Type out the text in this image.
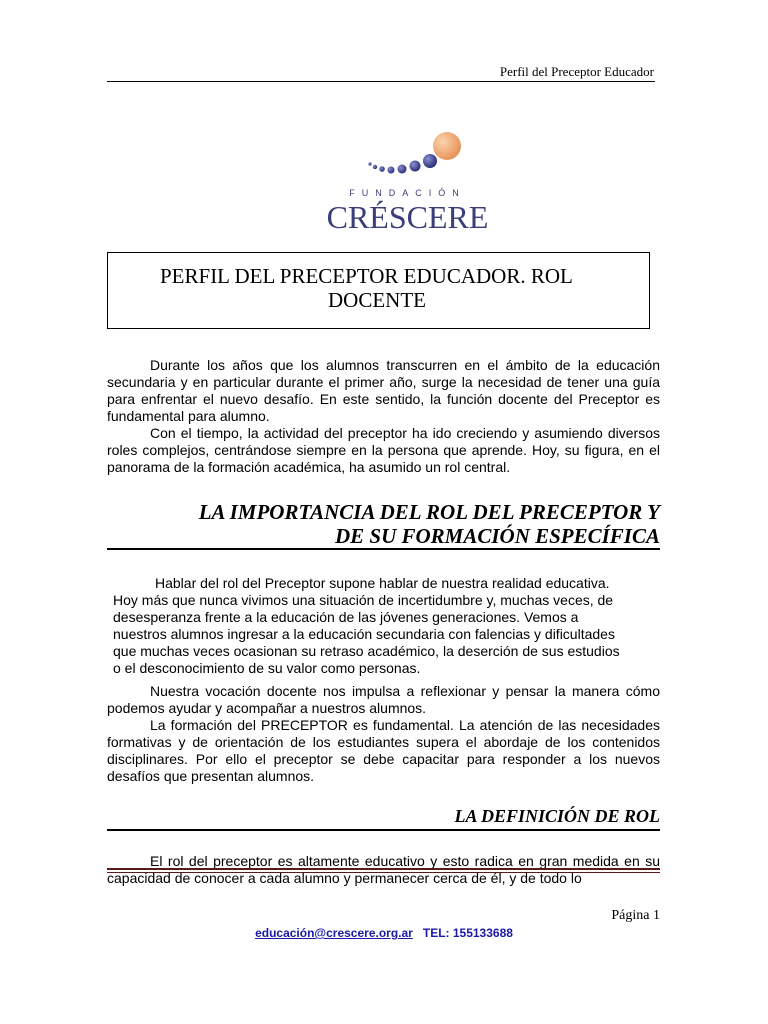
Perfil del Preceptor Educador
FUNDACIÓN
CRÉSCERE
PERFIL DEL PRECEPTOR EDUCADOR. ROL
DOCENTE

Durante los años que los alumnos transcurren en el ámbito de la educación secundaria y en particular durante el primer año, surge la necesidad de tener una guía para enfrentar el nuevo desafío. En este sentido, la función docente del Preceptor es fundamental para alumno.

Con el tiempo, la actividad del preceptor ha ido creciendo y asumiendo diversos roles complejos, centrándose siempre en la persona que aprende. Hoy, su figura, en el panorama de la formación académica, ha asumido un rol central.

LA IMPORTANCIA DEL ROL DEL PRECEPTOR Y
DE SU FORMACIÓN ESPECÍFICA
Hablar del rol del Preceptor supone hablar de nuestra realidad educativa.
Hoy más que nunca vivimos una situación de incertidumbre y, muchas veces, de
desesperanza frente a la educación de las jóvenes generaciones. Vemos a
nuestros alumnos ingresar a la educación secundaria con falencias y dificultades
que muchas veces ocasionan su retraso académico, la deserción de sus estudios
o el desconocimiento de su valor como personas.

Nuestra vocación docente nos impulsa a reflexionar y pensar la manera cómo podemos ayudar y acompañar a nuestros alumnos.

La formación del PRECEPTOR es fundamental. La atención de las necesidades formativas y de orientación de los estudiantes supera el abordaje de los contenidos disciplinares. Por ello el preceptor se debe capacitar para responder a los nuevos desafíos que presentan alumnos.

LA DEFINICIÓN DE ROL

El rol del preceptor es altamente educativo y esto radica en gran medida en su capacidad de conocer a cada alumno y permanecer cerca de él, y de todo lo

Página 1
educación@crescere.org.ar TEL: 155133688
